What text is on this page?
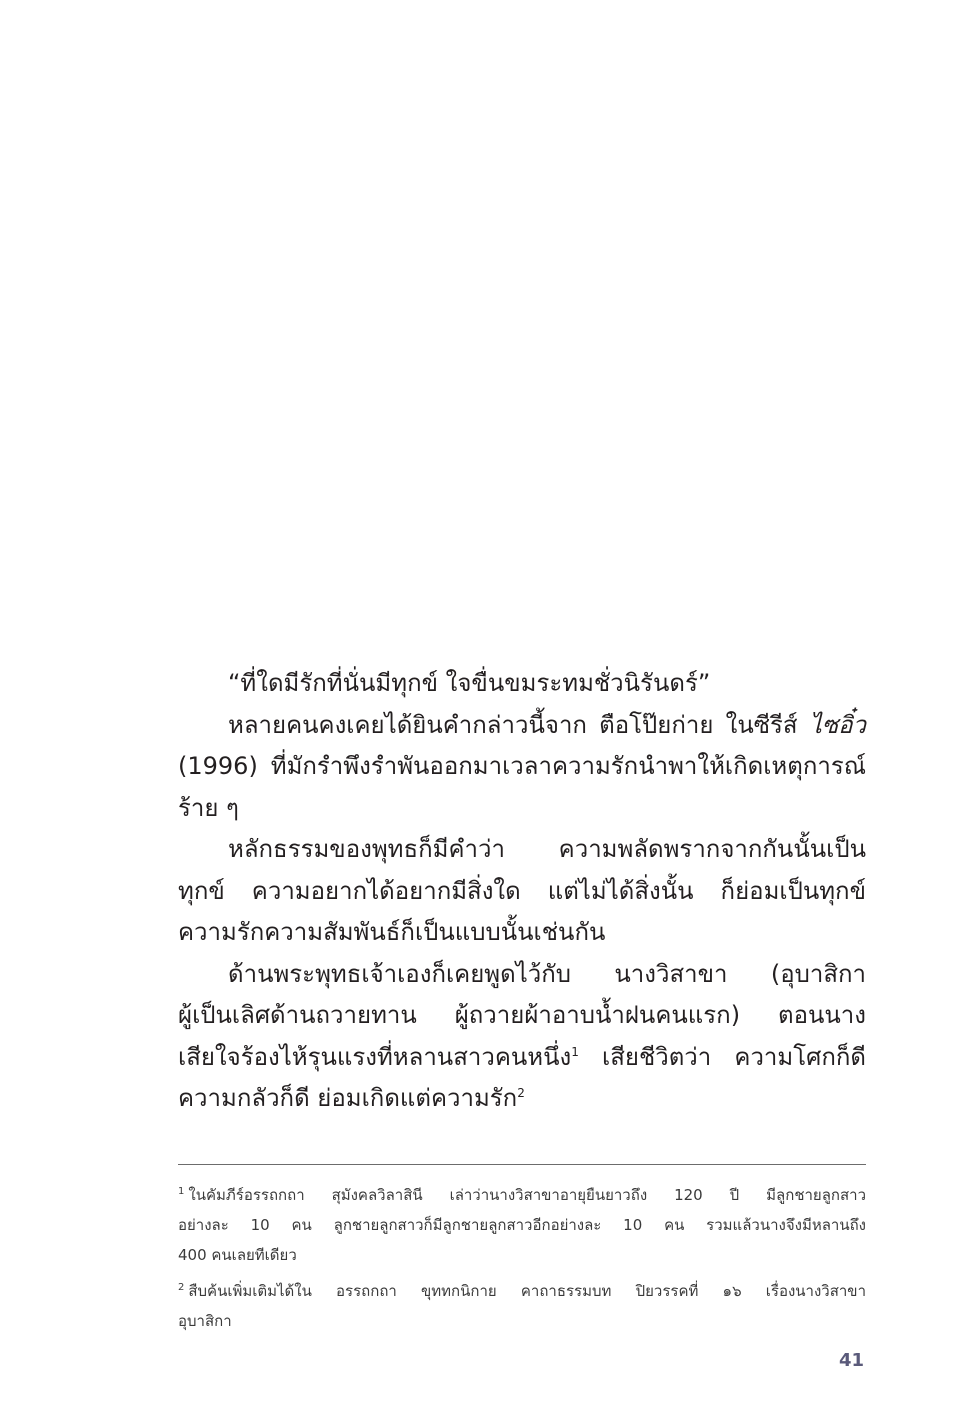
“ที่ใดมีรักที่นั่นมีทุกข์ ใจขื่นขมระทมชั่วนิรันดร์”
หลายคนคงเคยได้ยินคำกล่าวนี้จาก ตือโป๊ยก่าย ในซีรีส์ ไซอิ๋ว
(1996) ที่มักรำพึงรำพันออกมาเวลาความรักนำพาให้เกิดเหตุการณ์
ร้าย ๆ
หลักธรรมของพุทธก็มีคำว่า ความพลัดพรากจากกันนั้นเป็น
ทุกข์ ความอยากได้อยากมีสิ่งใด แต่ไม่ได้สิ่งนั้น ก็ย่อมเป็นทุกข์
ความรักความสัมพันธ์ก็เป็นแบบนั้นเช่นกัน
ด้านพระพุทธเจ้าเองก็เคยพูดไว้กับ นางวิสาขา (อุบาสิกา
ผู้เป็นเลิศด้านถวายทาน ผู้ถวายผ้าอาบน้ำฝนคนแรก) ตอนนาง
เสียใจร้องไห้รุนแรงที่หลานสาวคนหนึ่ง$^1$ เสียชีวิตว่า ความโศกก็ดี
ความกลัวก็ดี ย่อมเกิดแต่ความรัก$^2$
$^1$ ในคัมภีร์อรรถกถา สุมังคลวิลาสินี เล่าว่านางวิสาขาอายุยืนยาวถึง 120 ปี มีลูกชายลูกสาว
อย่างละ 10 คน ลูกชายลูกสาวก็มีลูกชายลูกสาวอีกอย่างละ 10 คน รวมแล้วนางจึงมีหลานถึง
400 คนเลยทีเดียว
$^2$ สืบค้นเพิ่มเติมได้ใน อรรถกถา ขุททกนิกาย คาถาธรรมบท ปิยวรรคที่ ๑๖ เรื่องนางวิสาขา
อุบาสิกา
41
